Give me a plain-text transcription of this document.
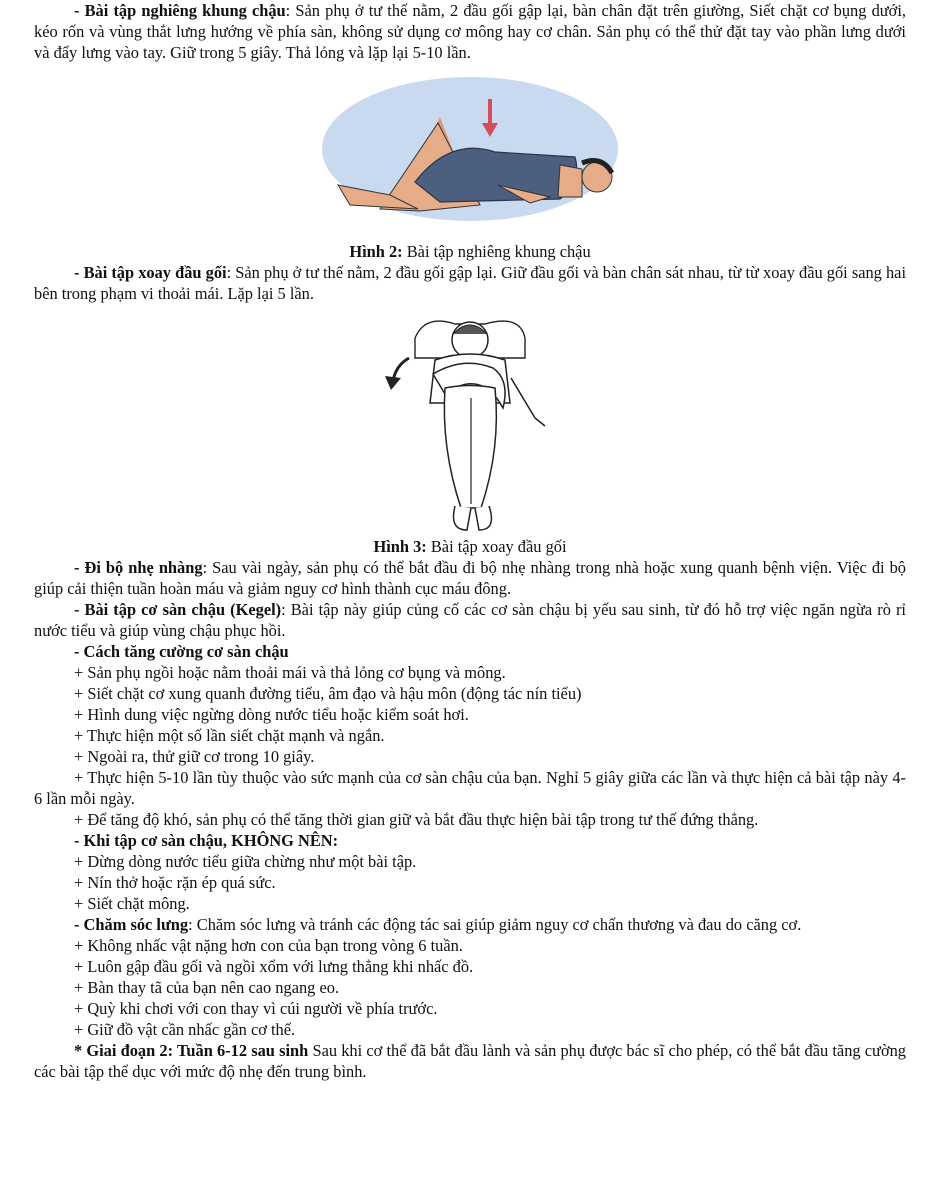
- Bài tập nghiêng khung chậu: Sản phụ ở tư thế nằm, 2 đầu gối gập lại, bàn chân đặt trên giường, Siết chặt cơ bụng dưới, kéo rốn và vùng thắt lưng hướng về phía sàn, không sử dụng cơ mông hay cơ chân. Sản phụ có thể thử đặt tay vào phần lưng dưới và đẩy lưng vào tay. Giữ trong 5 giây. Thả lỏng và lặp lại 5-10 lần.

Hình 2: Bài tập nghiêng khung chậu

- Bài tập xoay đầu gối: Sản phụ ở tư thế nằm, 2 đầu gối gập lại. Giữ đầu gối và bàn chân sát nhau, từ từ xoay đầu gối sang hai bên trong phạm vi thoải mái. Lặp lại 5 lần.

Hình 3: Bài tập xoay đầu gối

- Đi bộ nhẹ nhàng: Sau vài ngày, sản phụ có thể bắt đầu đi bộ nhẹ nhàng trong nhà hoặc xung quanh bệnh viện. Việc đi bộ giúp cải thiện tuần hoàn máu và giảm nguy cơ hình thành cục máu đông.

- Bài tập cơ sàn chậu (Kegel): Bài tập này giúp củng cố các cơ sàn chậu bị yếu sau sinh, từ đó hỗ trợ việc ngăn ngừa rò rỉ nước tiểu và giúp vùng chậu phục hồi.

- Cách tăng cường cơ sàn chậu

+ Sản phụ ngồi hoặc nằm thoải mái và thả lỏng cơ bụng và mông.

+ Siết chặt cơ xung quanh đường tiểu, âm đạo và hậu môn (động tác nín tiểu)

+ Hình dung việc ngừng dòng nước tiểu hoặc kiểm soát hơi.

+ Thực hiện một số lần siết chặt mạnh và ngắn.

+ Ngoài ra, thử giữ cơ trong 10 giây.

+ Thực hiện 5-10 lần tùy thuộc vào sức mạnh của cơ sàn chậu của bạn. Nghỉ 5 giây giữa các lần và thực hiện cả bài tập này 4-6 lần mỗi ngày.

+ Để tăng độ khó, sản phụ có thể tăng thời gian giữ và bắt đầu thực hiện bài tập trong tư thế đứng thẳng.

- Khi tập cơ sàn chậu, KHÔNG NÊN:

+ Dừng dòng nước tiểu giữa chừng như một bài tập.

+ Nín thở hoặc rặn ép quá sức.

+ Siết chặt mông.

- Chăm sóc lưng: Chăm sóc lưng và tránh các động tác sai giúp giảm nguy cơ chấn thương và đau do căng cơ.

+ Không nhấc vật nặng hơn con của bạn trong vòng 6 tuần.

+ Luôn gập đầu gối và ngồi xổm với lưng thẳng khi nhấc đồ.

+ Bàn thay tã của bạn nên cao ngang eo.

+ Quỳ khi chơi với con thay vì cúi người về phía trước.

+ Giữ đồ vật cần nhấc gần cơ thể.

* Giai đoạn 2: Tuần 6-12 sau sinh Sau khi cơ thể đã bắt đầu lành và sản phụ được bác sĩ cho phép, có thể bắt đầu tăng cường các bài tập thể dục với mức độ nhẹ đến trung bình.
